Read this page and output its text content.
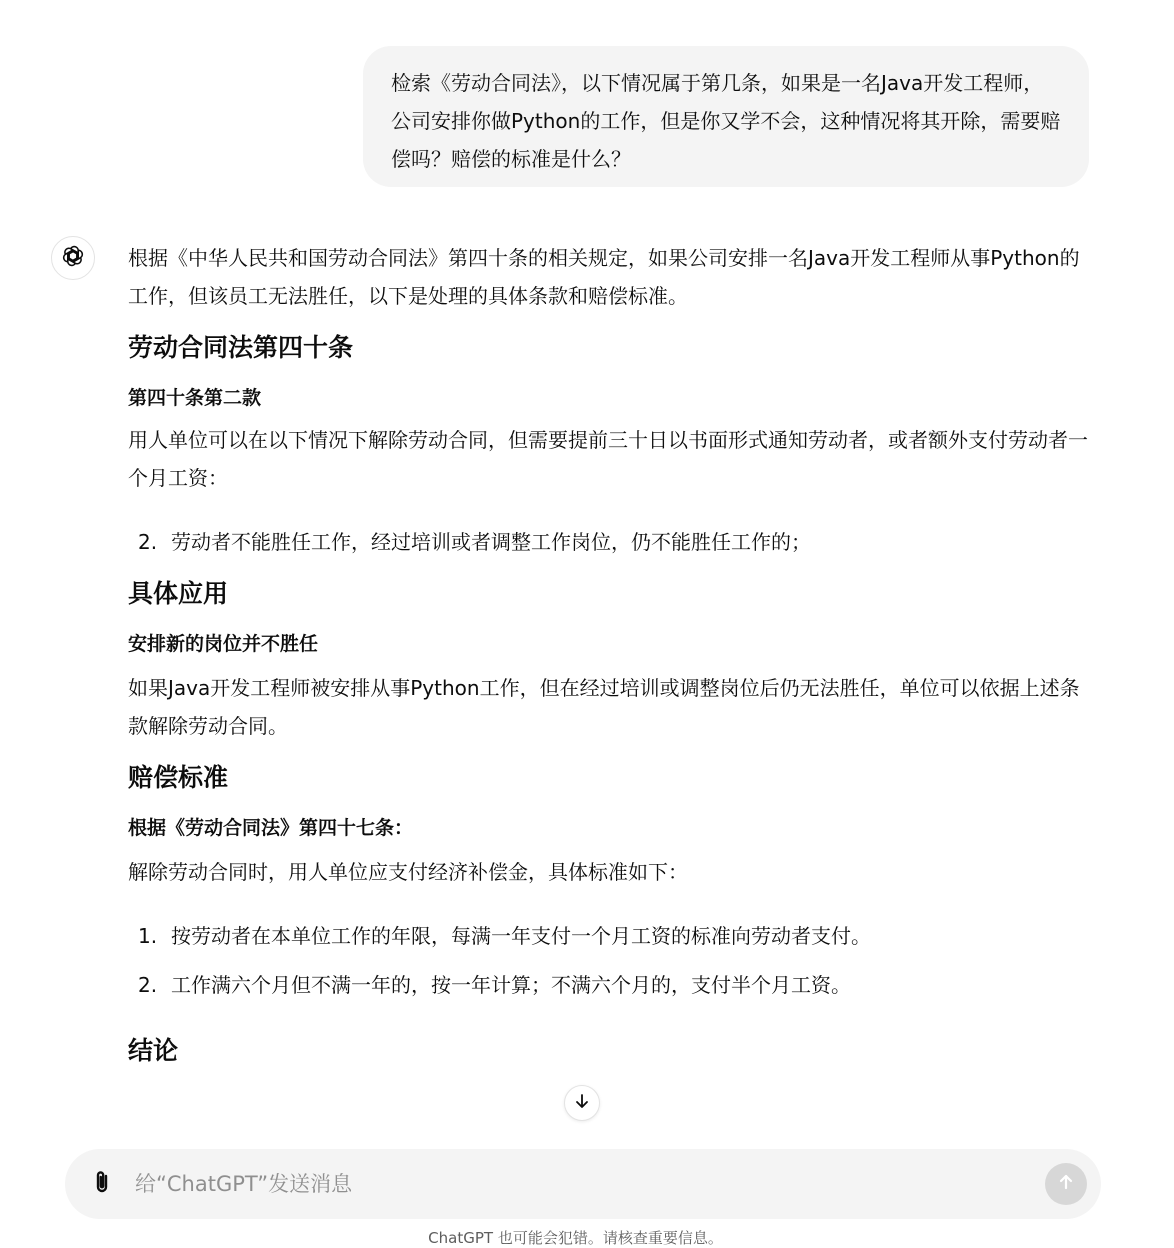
检索《劳动合同法》，以下情况属于第几条，如果是一名Java开发工程师，公司安排你做Python的工作，但是你又学不会，这种情况将其开除，需要赔偿吗？赔偿的标准是什么？

根据《中华人民共和国劳动合同法》第四十条的相关规定，如果公司安排一名Java开发工程师从事Python的工作，但该员工无法胜任，以下是处理的具体条款和赔偿标准。

劳动合同法第四十条
第四十条第二款

用人单位可以在以下情况下解除劳动合同，但需要提前三十日以书面形式通知劳动者，或者额外支付劳动者一个月工资：

2. 劳动者不能胜任工作，经过培训或者调整工作岗位，仍不能胜任工作的；
具体应用
安排新的岗位并不胜任

如果Java开发工程师被安排从事Python工作，但在经过培训或调整岗位后仍无法胜任，单位可以依据上述条款解除劳动合同。

赔偿标准
根据《劳动合同法》第四十七条：

解除劳动合同时，用人单位应支付经济补偿金，具体标准如下：

1. 按劳动者在本单位工作的年限，每满一年支付一个月工资的标准向劳动者支付。
2. 工作满六个月但不满一年的，按一年计算；不满六个月的，支付半个月工资。
结论
给“ChatGPT”发送消息
ChatGPT 也可能会犯错。请核查重要信息。
